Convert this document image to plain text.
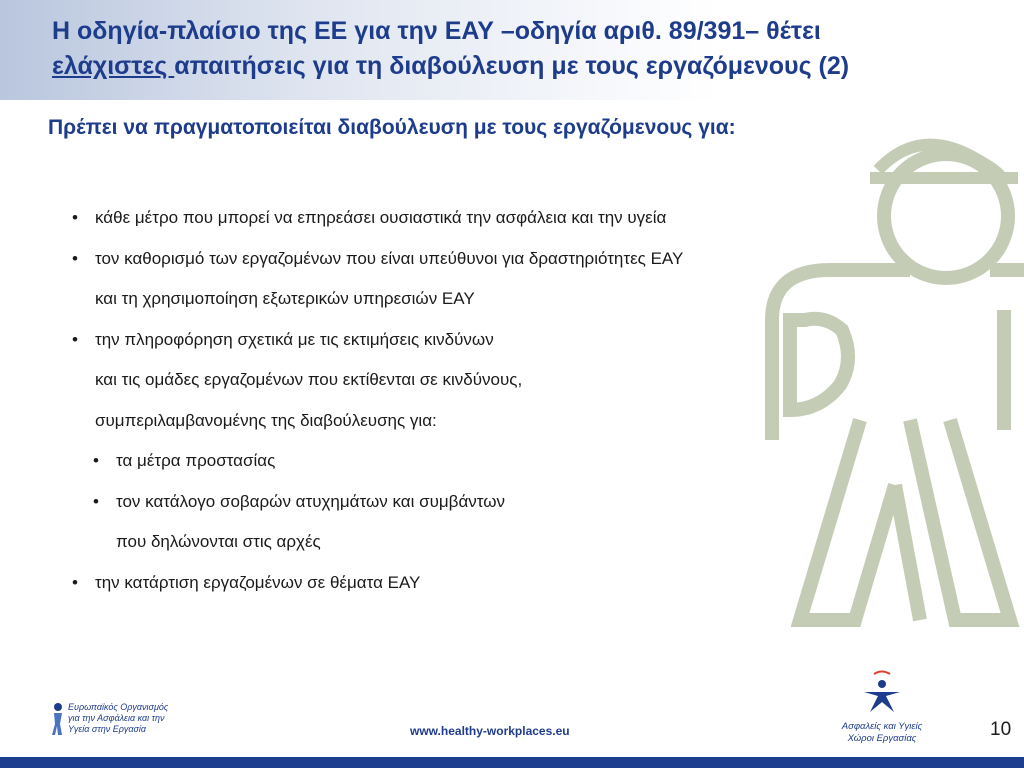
Η οδηγία-πλαίσιο της ΕΕ για την ΕΑΥ –οδηγία αριθ. 89/391– θέτει
ελάχιστες απαιτήσεις για τη διαβούλευση με τους εργαζόμενους (2)
Πρέπει να πραγματοποιείται διαβούλευση με τους εργαζόμενους για:
• κάθε μέτρο που μπορεί να επηρεάσει ουσιαστικά την ασφάλεια και την υγεία
• τον καθορισμό των εργαζομένων που είναι υπεύθυνοι για δραστηριότητες ΕΑΥ
και τη χρησιμοποίηση εξωτερικών υπηρεσιών ΕΑΥ
• την πληροφόρηση σχετικά με τις εκτιμήσεις κινδύνων
και τις ομάδες εργαζομένων που εκτίθενται σε κινδύνους,
συμπεριλαμβανομένης της διαβούλευσης για:
• τα μέτρα προστασίας
• τον κατάλογο σοβαρών ατυχημάτων και συμβάντων
που δηλώνονται στις αρχές
• την κατάρτιση εργαζομένων σε θέματα ΕΑΥ
Ευρωπαϊκός Οργανισμός
για την Ασφάλεια και την
Υγεία στην Εργασία	www.healthy-workplaces.eu	Ασφαλείς και Υγιείς
Χώροι Εργασίας	10
